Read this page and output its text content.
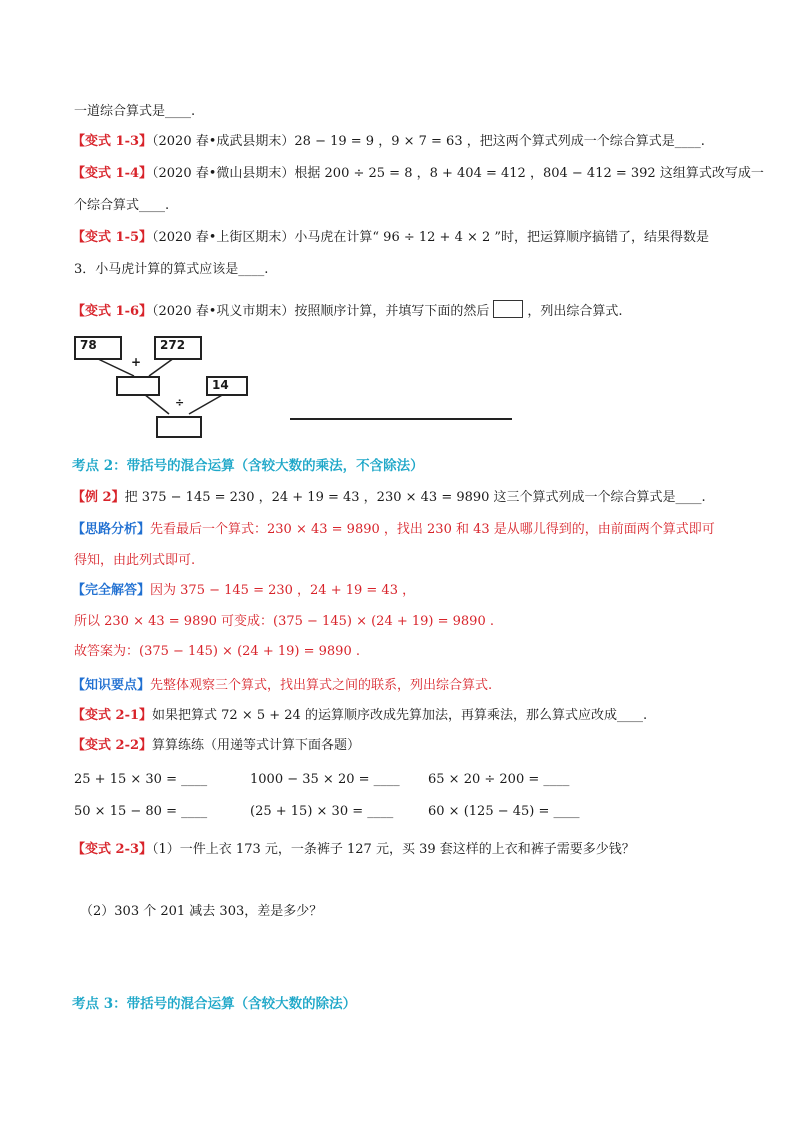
一道综合算式是____.
【变式 1-3】（2020 春•成武县期末）28 − 19 = 9 ，9 × 7 = 63 ，把这两个算式列成一个综合算式是____.
【变式 1-4】（2020 春•微山县期末）根据 200 ÷ 25 = 8 ，8 + 404 = 412 ，804 − 412 = 392 这组算式改写成一
个综合算式____.
【变式 1-5】（2020 春•上街区期末）小马虎在计算“ 96 ÷ 12 + 4 × 2 ”时，把运算顺序搞错了，结果得数是
3．小马虎计算的算式应该是____.
【变式 1-6】（2020 春•巩义市期末）按照顺序计算，并填写下面的然后	，列出综合算式.
78	272
+
14
÷
考点 2：带括号的混合运算（含较大数的乘法，不含除法）
【例 2】把 375 − 145 = 230 ，24 + 19 = 43 ，230 × 43 = 9890 这三个算式列成一个综合算式是____.
【思路分析】先看最后一个算式：230 × 43 = 9890 ，找出 230 和 43 是从哪儿得到的，由前面两个算式即可
得知，由此列式即可.
【完全解答】因为 375 − 145 = 230 ，24 + 19 = 43 ，
所以 230 × 43 = 9890 可变成：(375 − 145) × (24 + 19) = 9890 .
故答案为：(375 − 145) × (24 + 19) = 9890 .
【知识要点】先整体观察三个算式，找出算式之间的联系，列出综合算式.
【变式 2-1】如果把算式 72 × 5 + 24 的运算顺序改成先算加法，再算乘法，那么算式应改成____.
【变式 2-2】算算练练（用递等式计算下面各题）
25 + 15 × 30 = ____	1000 − 35 × 20 = ____ 65 × 20 ÷ 200 = ____
50 × 15 − 80 = ____	(25 + 15) × 30 = ____	60 × (125 − 45) = ____
【变式 2-3】（1）一件上衣 173 元，一条裤子 127 元，买 39 套这样的上衣和裤子需要多少钱？
（2）303 个 201 减去 303，差是多少？
考点 3：带括号的混合运算（含较大数的除法）
